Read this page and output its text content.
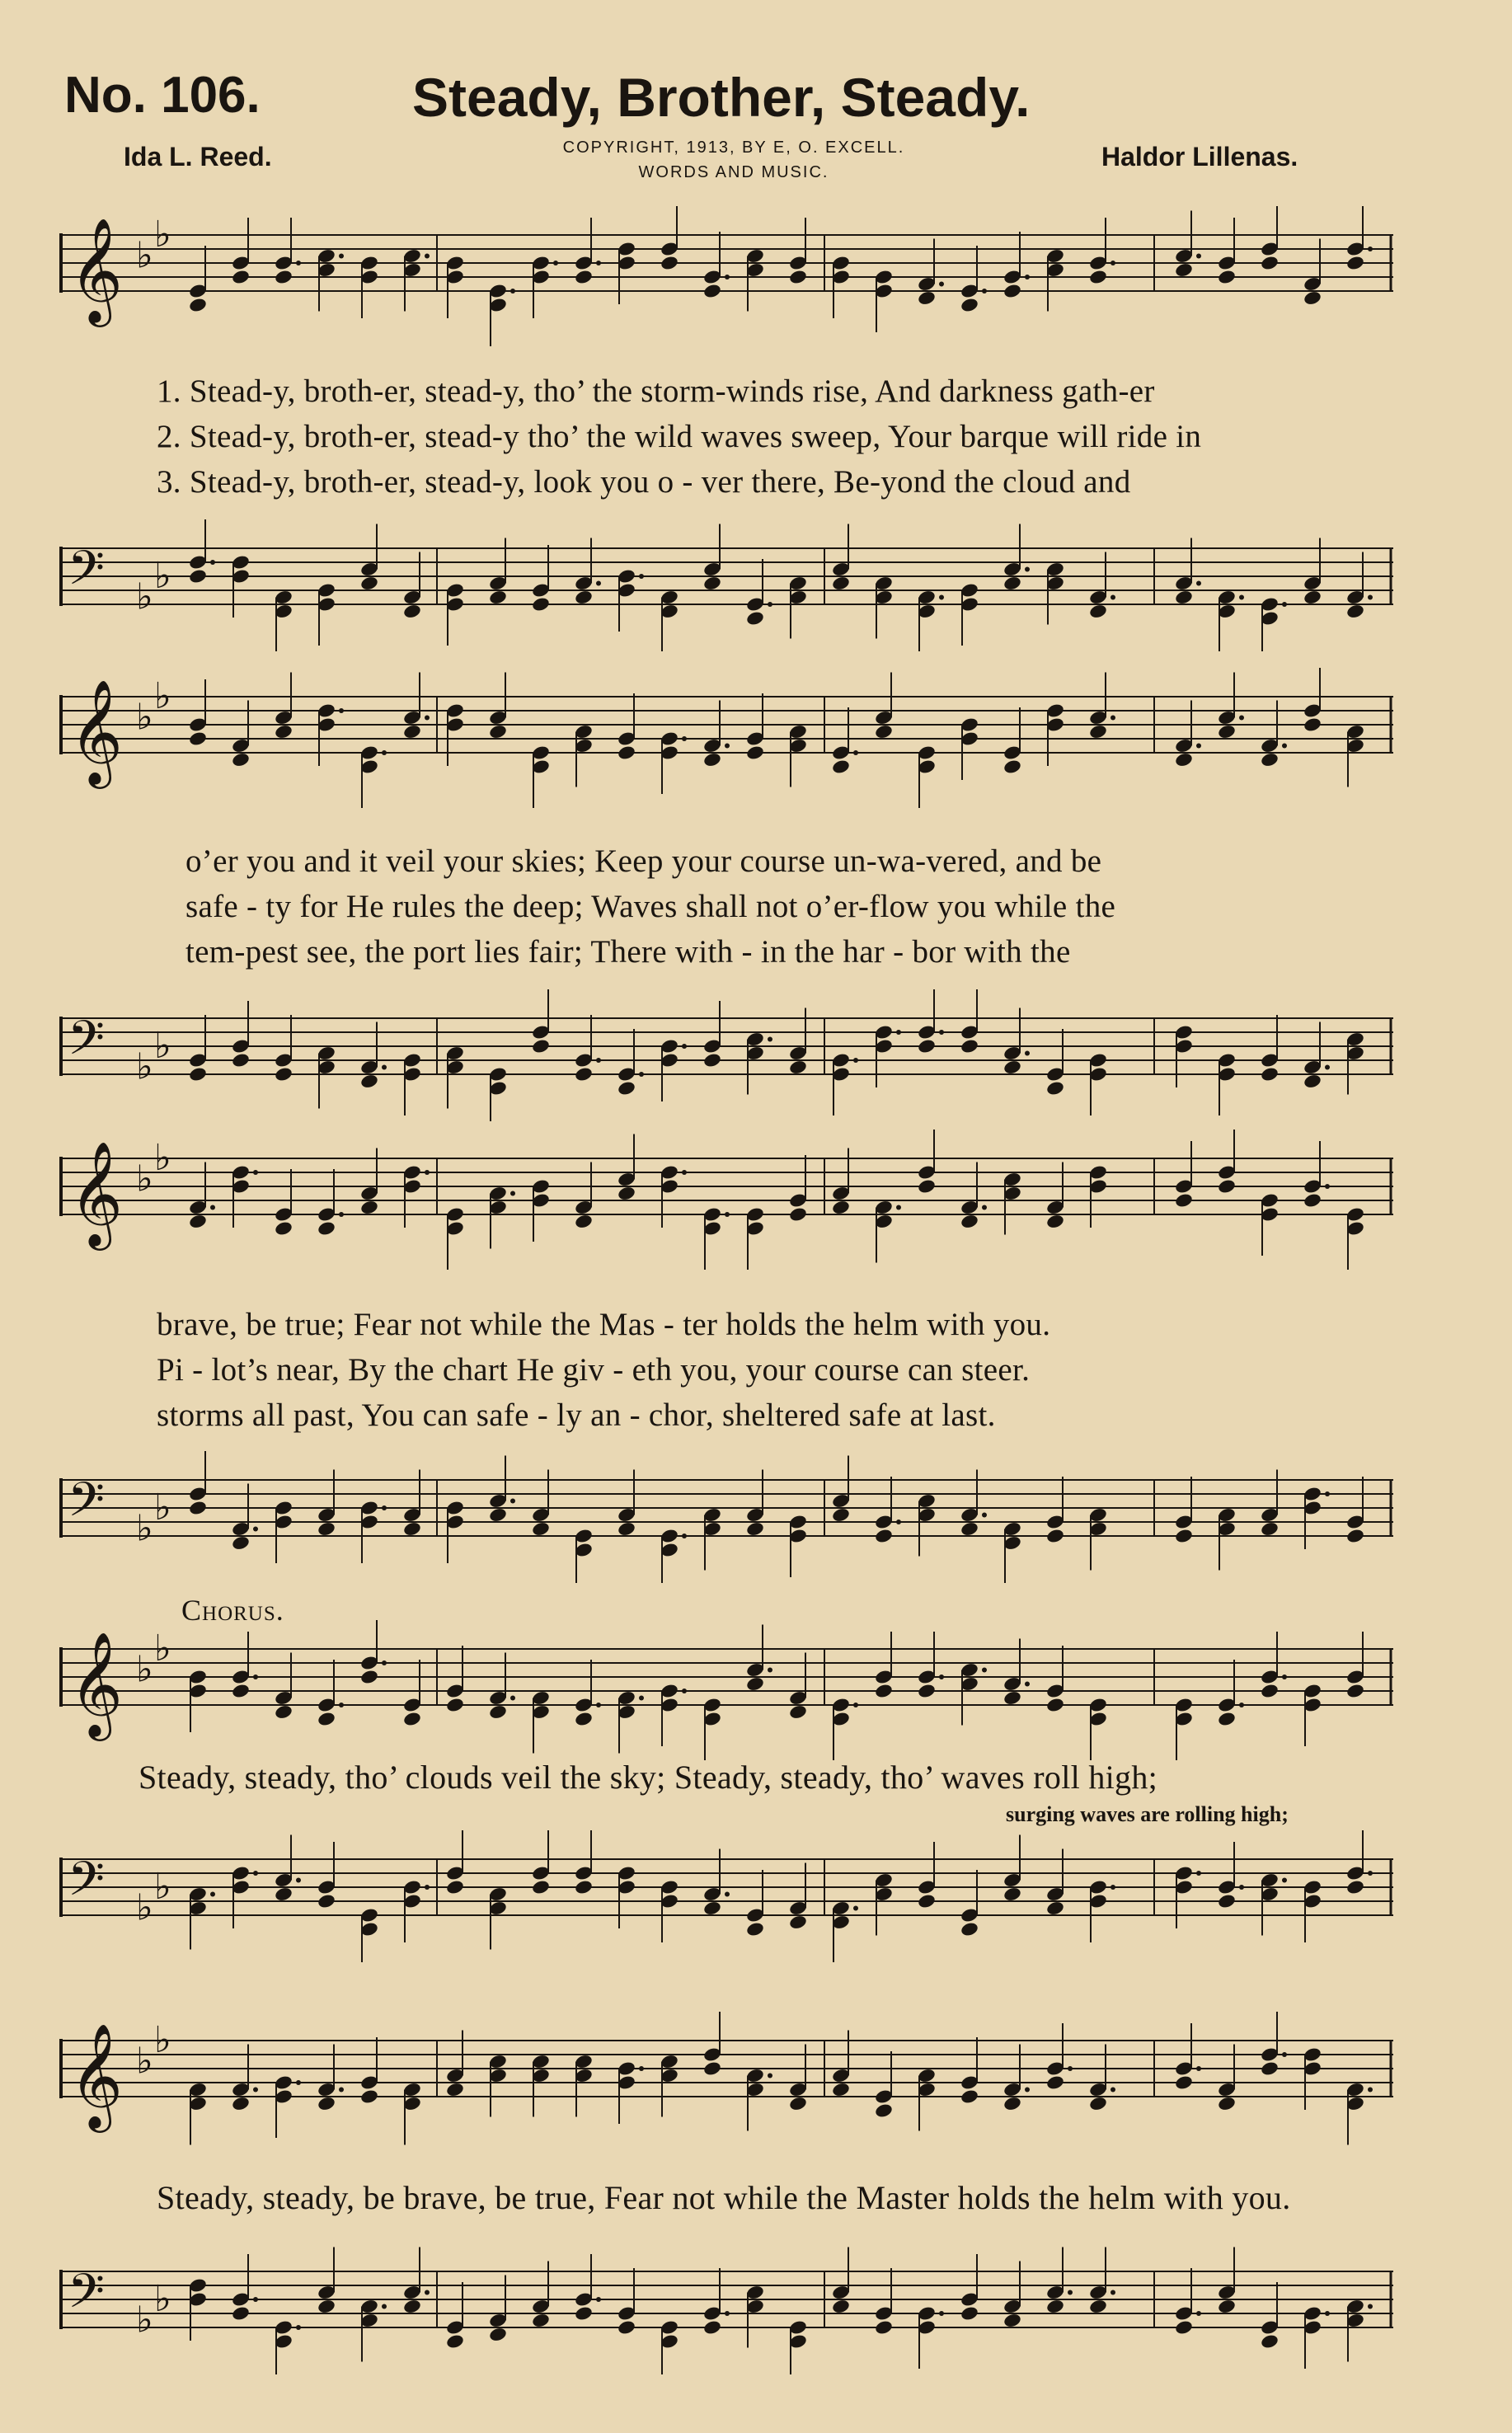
No. 106.	Steady, Brother, Steady.
Ida L. Reed.	COPYRIGHT, 1913, BY E, O. EXCELL.
WORDS AND MUSIC.
Haldor Lillenas.
𝄞 ♭ ♭
1. Stead-y, broth-er, stead-y, tho’ the storm-winds rise, And darkness gath-er
2. Stead-y, broth-er, stead-y tho’ the wild waves sweep, Your barque will ride in
3. Stead-y, broth-er, stead-y, look you o - ver there, Be-yond the cloud and
𝄢 ♭ ♭
𝄞 ♭ ♭
o’er you and it veil your skies; Keep your course un-wa-vered, and be
safe - ty for He rules the deep; Waves shall not o’er-flow you while the
tem-pest see, the port lies fair; There with - in the har - bor with the
𝄢 ♭ ♭
𝄞 ♭ ♭
brave, be true; Fear not while the Mas - ter holds the helm with you.
Pi - lot’s near, By the chart He giv - eth you, your course can steer.
storms all past, You can safe - ly an - chor, sheltered safe at last.
𝄢 ♭ ♭
Chorus.
𝄞 ♭ ♭
Steady, steady, tho’ clouds veil the sky; Steady, steady, tho’ waves roll high;
surging waves are rolling high;
𝄢 ♭ ♭
𝄞 ♭ ♭
Steady, steady, be brave, be true, Fear not while the Master holds the helm with you.
𝄢 ♭ ♭
